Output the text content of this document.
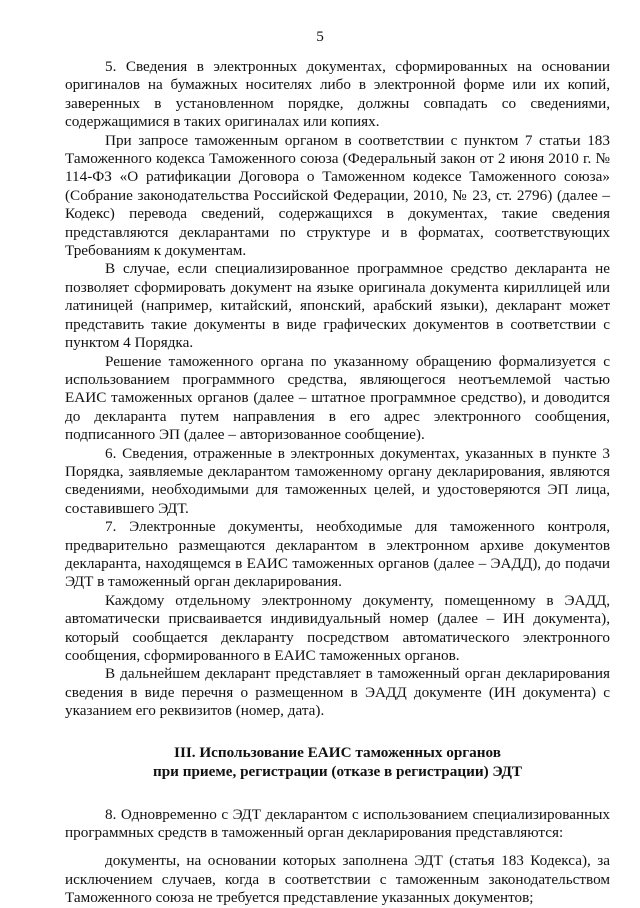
5

5. Сведения в электронных документах, сформированных на основании оригиналов на бумажных носителях либо в электронной форме или их копий, заверенных в установленном порядке, должны совпадать со сведениями, содержащимися в таких оригиналах или копиях.

При запросе таможенным органом в соответствии с пунктом 7 статьи 183 Таможенного кодекса Таможенного союза (Федеральный закон от 2 июня 2010 г. № 114-ФЗ «О ратификации Договора о Таможенном кодексе Таможенного союза» (Собрание законодательства Российской Федерации, 2010, № 23, ст. 2796) (далее – Кодекс) перевода сведений, содержащихся в документах, такие сведения представляются декларантами по структуре и в форматах, соответствующих Требованиям к документам.

В случае, если специализированное программное средство декларанта не позволяет сформировать документ на языке оригинала документа кириллицей или латиницей (например, китайский, японский, арабский языки), декларант может представить такие документы в виде графических документов в соответствии с пунктом 4 Порядка.

Решение таможенного органа по указанному обращению формализуется с использованием программного средства, являющегося неотъемлемой частью ЕАИС таможенных органов (далее – штатное программное средство), и доводится до декларанта путем направления в его адрес электронного сообщения, подписанного ЭП (далее – авторизованное сообщение).

6. Сведения, отраженные в электронных документах, указанных в пункте 3 Порядка, заявляемые декларантом таможенному органу декларирования, являются сведениями, необходимыми для таможенных целей, и удостоверяются ЭП лица, составившего ЭДТ.

7. Электронные документы, необходимые для таможенного контроля, предварительно размещаются декларантом в электронном архиве документов декларанта, находящемся в ЕАИС таможенных органов (далее – ЭАДД), до подачи ЭДТ в таможенный орган декларирования.

Каждому отдельному электронному документу, помещенному в ЭАДД, автоматически присваивается индивидуальный номер (далее – ИН документа), который сообщается декларанту посредством автоматического электронного сообщения, сформированного в ЕАИС таможенных органов.

В дальнейшем декларант представляет в таможенный орган декларирования сведения в виде перечня о размещенном в ЭАДД документе (ИН документа) с указанием его реквизитов (номер, дата).

III. Использование ЕАИС таможенных органов

при приеме, регистрации (отказе в регистрации) ЭДТ

8. Одновременно с ЭДТ декларантом с использованием специализированных программных средств в таможенный орган декларирования представляются:

документы, на основании которых заполнена ЭДТ (статья 183 Кодекса), за исключением случаев, когда в соответствии с таможенным законодательством Таможенного союза не требуется представление указанных документов;
